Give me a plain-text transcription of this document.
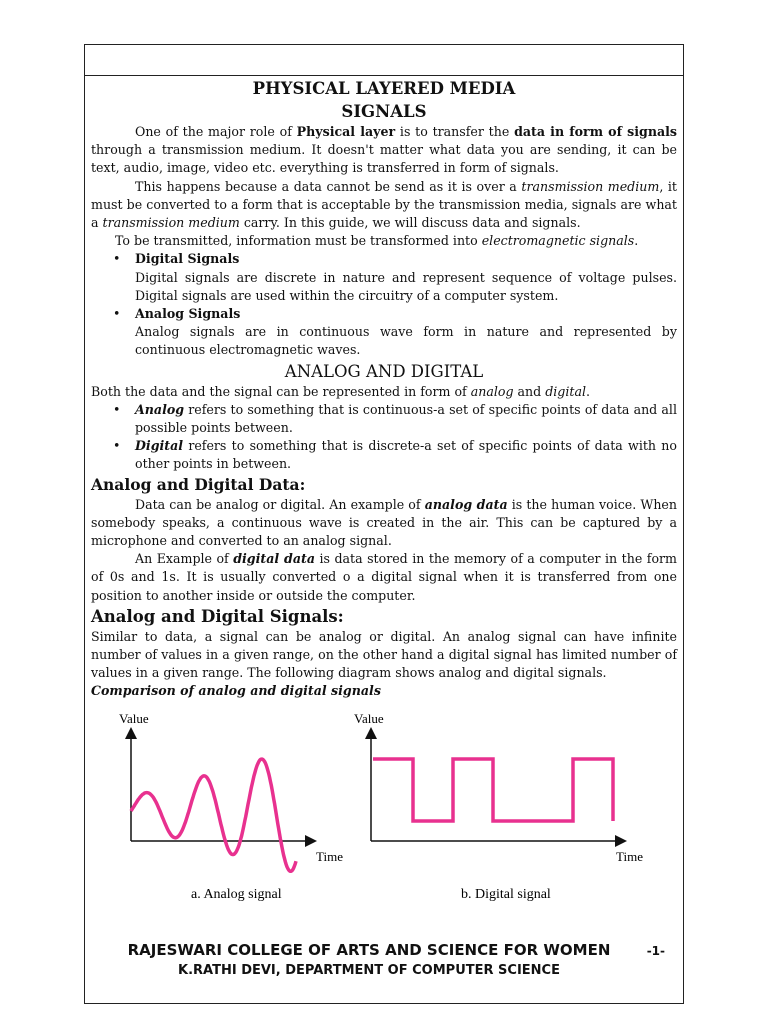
PHYSICAL LAYERED MEDIA

SIGNALS

One of the major role of Physical layer is to transfer the data in form of signals through a transmission medium. It doesn't matter what data you are sending, it can be text, audio, image, video etc. everything is transferred in form of signals.

This happens because a data cannot be send as it is over a transmission medium, it must be converted to a form that is acceptable by the transmission media, signals are what a transmission medium carry. In this guide, we will discuss data and signals.

To be transmitted, information must be transformed into electromagnetic signals.

• Digital Signals

Digital signals are discrete in nature and represent sequence of voltage pulses. Digital signals are used within the circuitry of a computer system.

• Analog Signals

Analog signals are in continuous wave form in nature and represented by continuous electromagnetic waves.

ANALOG AND DIGITAL

Both the data and the signal can be represented in form of analog and digital.

• Analog refers to something that is continuous-a set of specific points of data and all possible points between.

• Digital refers to something that is discrete-a set of specific points of data with no other points in between.

Analog and Digital Data:

Data can be analog or digital. An example of analog data is the human voice. When somebody speaks, a continuous wave is created in the air. This can be captured by a microphone and converted to an analog signal.

An Example of digital data is data stored in the memory of a computer in the form of 0s and 1s. It is usually converted o a digital signal when it is transferred from one position to another inside or outside the computer.

Analog and Digital Signals:

Similar to data, a signal can be analog or digital. An analog signal can have infinite number of values in a given range, on the other hand a digital signal has limited number of values in a given range. The following diagram shows analog and digital signals.

Comparison of analog and digital signals

Value
Time
a. Analog signal
Value
Time
b. Digital signal
RAJESWARI COLLEGE OF ARTS AND SCIENCE FOR WOMEN
K.RATHI DEVI, DEPARTMENT OF COMPUTER SCIENCE
-1-
